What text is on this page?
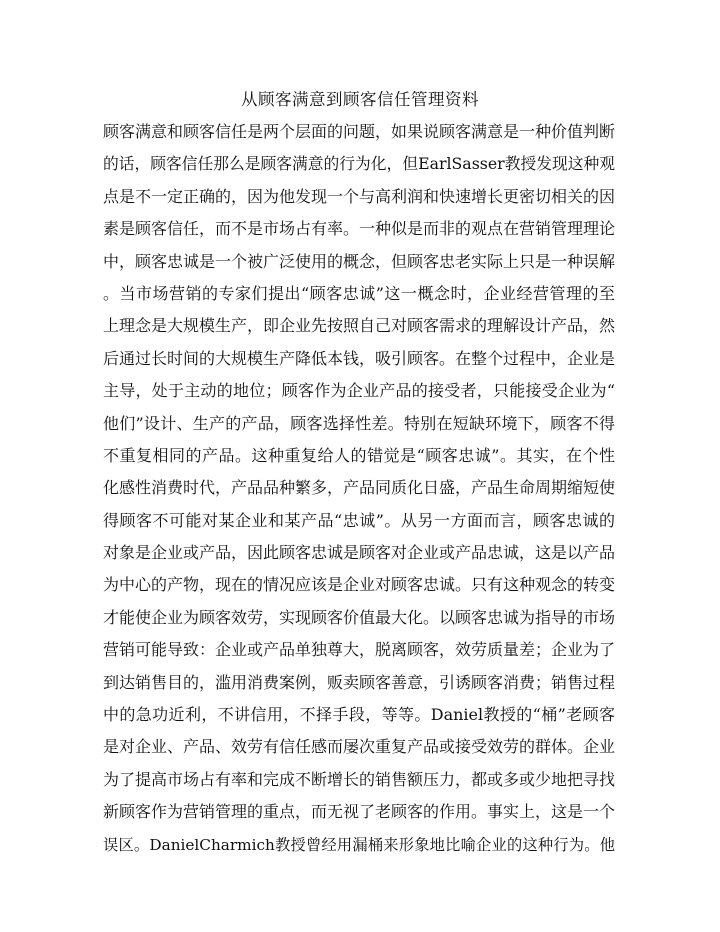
从顾客满意到顾客信任管理资料
顾客满意和顾客信任是两个层面的问题，如果说顾客满意是一种价值判断
的话，顾客信任那么是顾客满意的行为化，但EarlSasser教授发现这种观
点是不一定正确的，因为他发现一个与高利润和快速增长更密切相关的因
素是顾客信任，而不是市场占有率。一种似是而非的观点在营销管理理论
中，顾客忠诚是一个被广泛使用的概念，但顾客忠老实际上只是一种误解
。当市场营销的专家们提出“顾客忠诚”这一概念时，企业经营管理的至
上理念是大规模生产，即企业先按照自己对顾客需求的理解设计产品，然
后通过长时间的大规模生产降低本钱，吸引顾客。在整个过程中，企业是
主导，处于主动的地位；顾客作为企业产品的接受者，只能接受企业为“
他们”设计、生产的产品，顾客选择性差。特别在短缺环境下，顾客不得
不重复相同的产品。这种重复给人的错觉是“顾客忠诚”。其实，在个性
化感性消费时代，产品品种繁多，产品同质化日盛，产品生命周期缩短使
得顾客不可能对某企业和某产品“忠诚”。从另一方面而言，顾客忠诚的
对象是企业或产品，因此顾客忠诚是顾客对企业或产品忠诚，这是以产品
为中心的产物，现在的情况应该是企业对顾客忠诚。只有这种观念的转变
才能使企业为顾客效劳，实现顾客价值最大化。以顾客忠诚为指导的市场
营销可能导致：企业或产品单独尊大，脱离顾客，效劳质量差；企业为了
到达销售目的，滥用消费案例，贩卖顾客善意，引诱顾客消费；销售过程
中的急功近利，不讲信用，不择手段，等等。Daniel教授的“桶”老顾客
是对企业、产品、效劳有信任感而屡次重复产品或接受效劳的群体。企业
为了提高市场占有率和完成不断增长的销售额压力，都或多或少地把寻找
新顾客作为营销管理的重点，而无视了老顾客的作用。事实上，这是一个
误区。DanielCharmich教授曾经用漏桶来形象地比喻企业的这种行为。他
